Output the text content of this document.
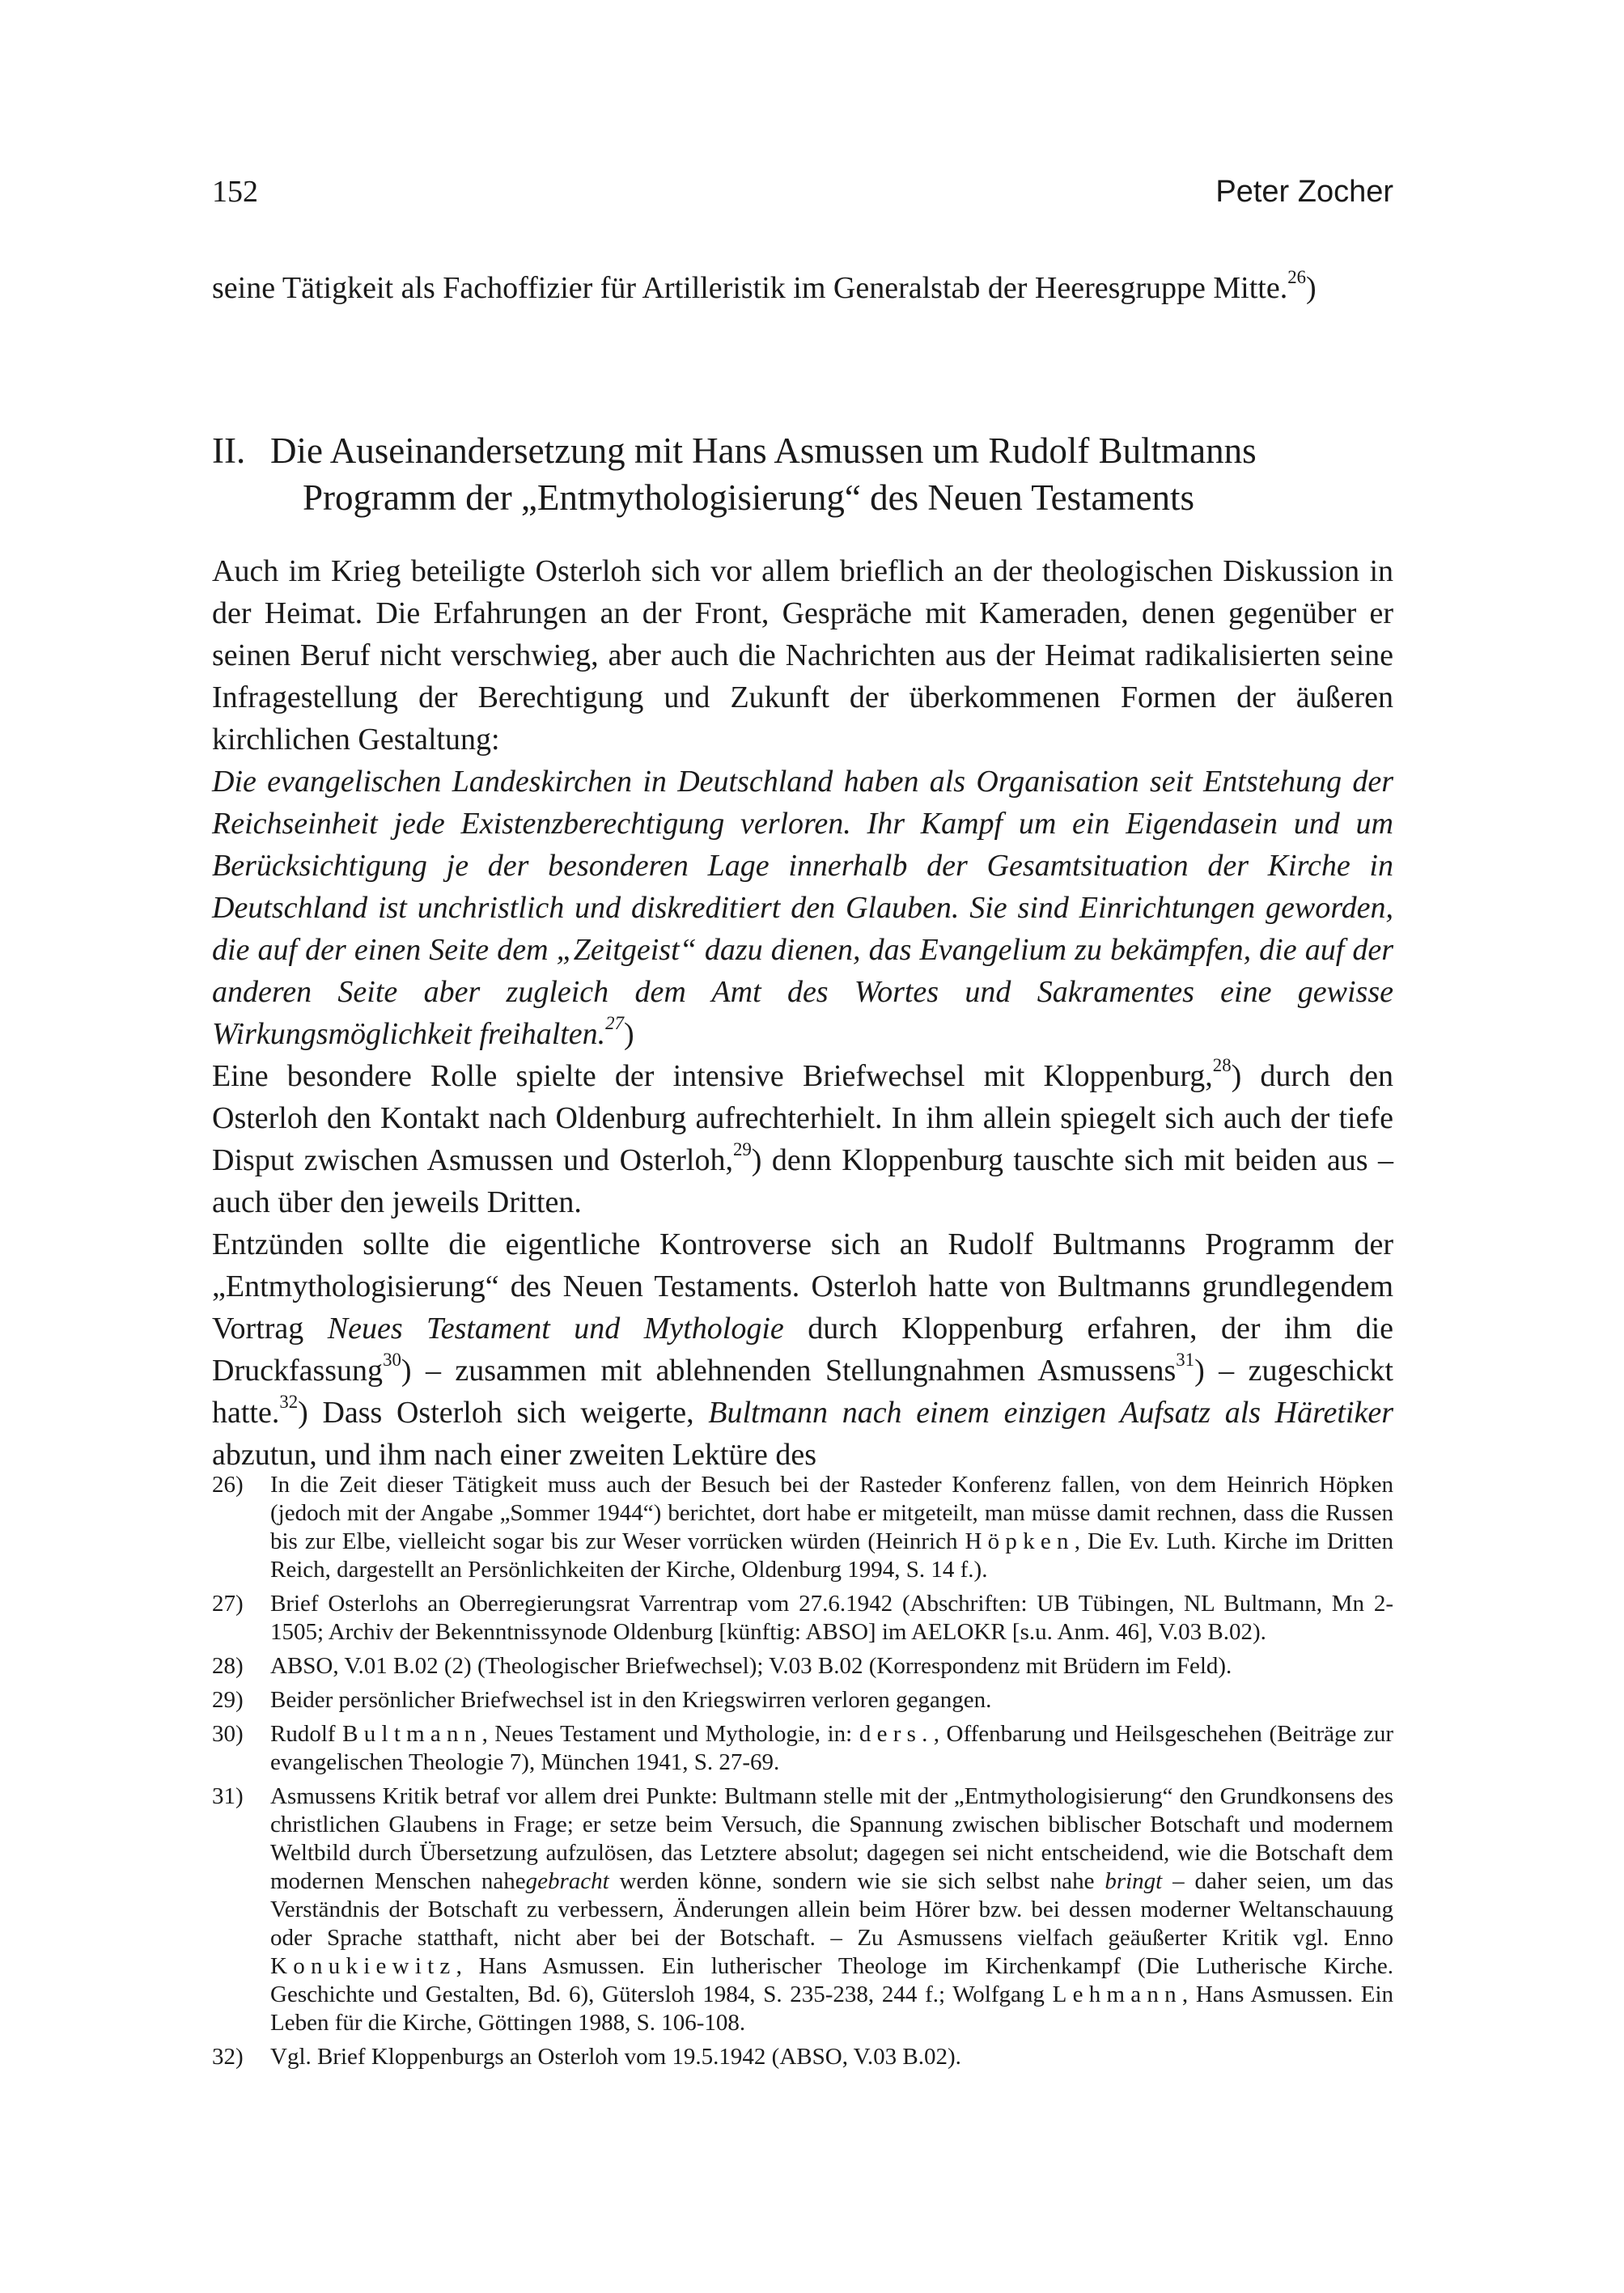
152	Peter Zocher
seine Tätigkeit als Fachoffizier für Artilleristik im Generalstab der Heeresgruppe Mitte.$^{26}$)
II. Die Auseinandersetzung mit Hans Asmussen um Rudolf Bultmanns
Programm der „Entmythologisierung“ des Neuen Testaments

Auch im Krieg beteiligte Osterloh sich vor allem brieflich an der theologischen Diskussion in der Heimat. Die Erfahrungen an der Front, Gespräche mit Kameraden, denen gegenüber er seinen Beruf nicht verschwieg, aber auch die Nachrichten aus der Heimat radikalisierten seine Infragestellung der Berechtigung und Zukunft der überkommenen Formen der äußeren kirchlichen Gestaltung:

Die evangelischen Landeskirchen in Deutschland haben als Organisation seit Entstehung der Reichseinheit jede Existenzberechtigung verloren. Ihr Kampf um ein Eigendasein und um Berücksichtigung je der besonderen Lage innerhalb der Gesamtsituation der Kirche in Deutschland ist unchristlich und diskreditiert den Glauben. Sie sind Einrichtungen geworden, die auf der einen Seite dem „Zeitgeist“ dazu dienen, das Evangelium zu bekämpfen, die auf der anderen Seite aber zugleich dem Amt des Wortes und Sakramentes eine gewisse Wirkungsmöglichkeit freihalten.$^{27}$)

Eine besondere Rolle spielte der intensive Briefwechsel mit Kloppenburg,$^{28}$) durch den Osterloh den Kontakt nach Oldenburg aufrechterhielt. In ihm allein spiegelt sich auch der tiefe Disput zwischen Asmussen und Osterloh,$^{29}$) denn Kloppenburg tauschte sich mit beiden aus – auch über den jeweils Dritten.

Entzünden sollte die eigentliche Kontroverse sich an Rudolf Bultmanns Programm der „Entmythologisierung“ des Neuen Testaments. Osterloh hatte von Bultmanns grundlegendem Vortrag Neues Testament und Mythologie durch Kloppenburg erfahren, der ihm die Druckfassung$^{30}$) – zusammen mit ablehnenden Stellungnahmen Asmussens$^{31}$) – zugeschickt hatte.$^{32}$) Dass Osterloh sich weigerte, Bultmann nach einem einzigen Aufsatz als Häretiker abzutun, und ihm nach einer zweiten Lektüre des

26) In die Zeit dieser Tätigkeit muss auch der Besuch bei der Rasteder Konferenz fallen, von dem Heinrich Höpken (jedoch mit der Angabe „Sommer 1944“) berichtet, dort habe er mitgeteilt, man müsse damit rechnen, dass die Russen bis zur Elbe, vielleicht sogar bis zur Weser vorrücken würden (Heinrich Höpken, Die Ev. Luth. Kirche im Dritten Reich, dargestellt an Persönlichkeiten der Kirche, Oldenburg 1994, S. 14 f.).
27) Brief Osterlohs an Oberregierungsrat Varrentrap vom 27.6.1942 (Abschriften: UB Tübingen, NL Bultmann, Mn 2-1505; Archiv der Bekenntnissynode Oldenburg [künftig: ABSO] im AELOKR [s.u. Anm. 46], V.03 B.02).
28) ABSO, V.01 B.02 (2) (Theologischer Briefwechsel); V.03 B.02 (Korrespondenz mit Brüdern im Feld).
29) Beider persönlicher Briefwechsel ist in den Kriegswirren verloren gegangen.
30) Rudolf Bultmann, Neues Testament und Mythologie, in: ders., Offenbarung und Heilsgeschehen (Beiträge zur evangelischen Theologie 7), München 1941, S. 27-69.
31) Asmussens Kritik betraf vor allem drei Punkte: Bultmann stelle mit der „Entmythologisierung“ den Grundkonsens des christlichen Glaubens in Frage; er setze beim Versuch, die Spannung zwischen biblischer Botschaft und modernem Weltbild durch Übersetzung aufzulösen, das Letztere absolut; dagegen sei nicht entscheidend, wie die Botschaft dem modernen Menschen nahegebracht werden könne, sondern wie sie sich selbst nahe bringt – daher seien, um das Verständnis der Botschaft zu verbessern, Änderungen allein beim Hörer bzw. bei dessen moderner Weltanschauung oder Sprache statthaft, nicht aber bei der Botschaft. – Zu Asmussens vielfach geäußerter Kritik vgl. Enno Konukiewitz, Hans Asmussen. Ein lutherischer Theologe im Kirchenkampf (Die Lutherische Kirche. Geschichte und Gestalten, Bd. 6), Gütersloh 1984, S. 235-238, 244 f.; Wolfgang Lehmann, Hans Asmussen. Ein Leben für die Kirche, Göttingen 1988, S. 106-108.
32) Vgl. Brief Kloppenburgs an Osterloh vom 19.5.1942 (ABSO, V.03 B.02).
